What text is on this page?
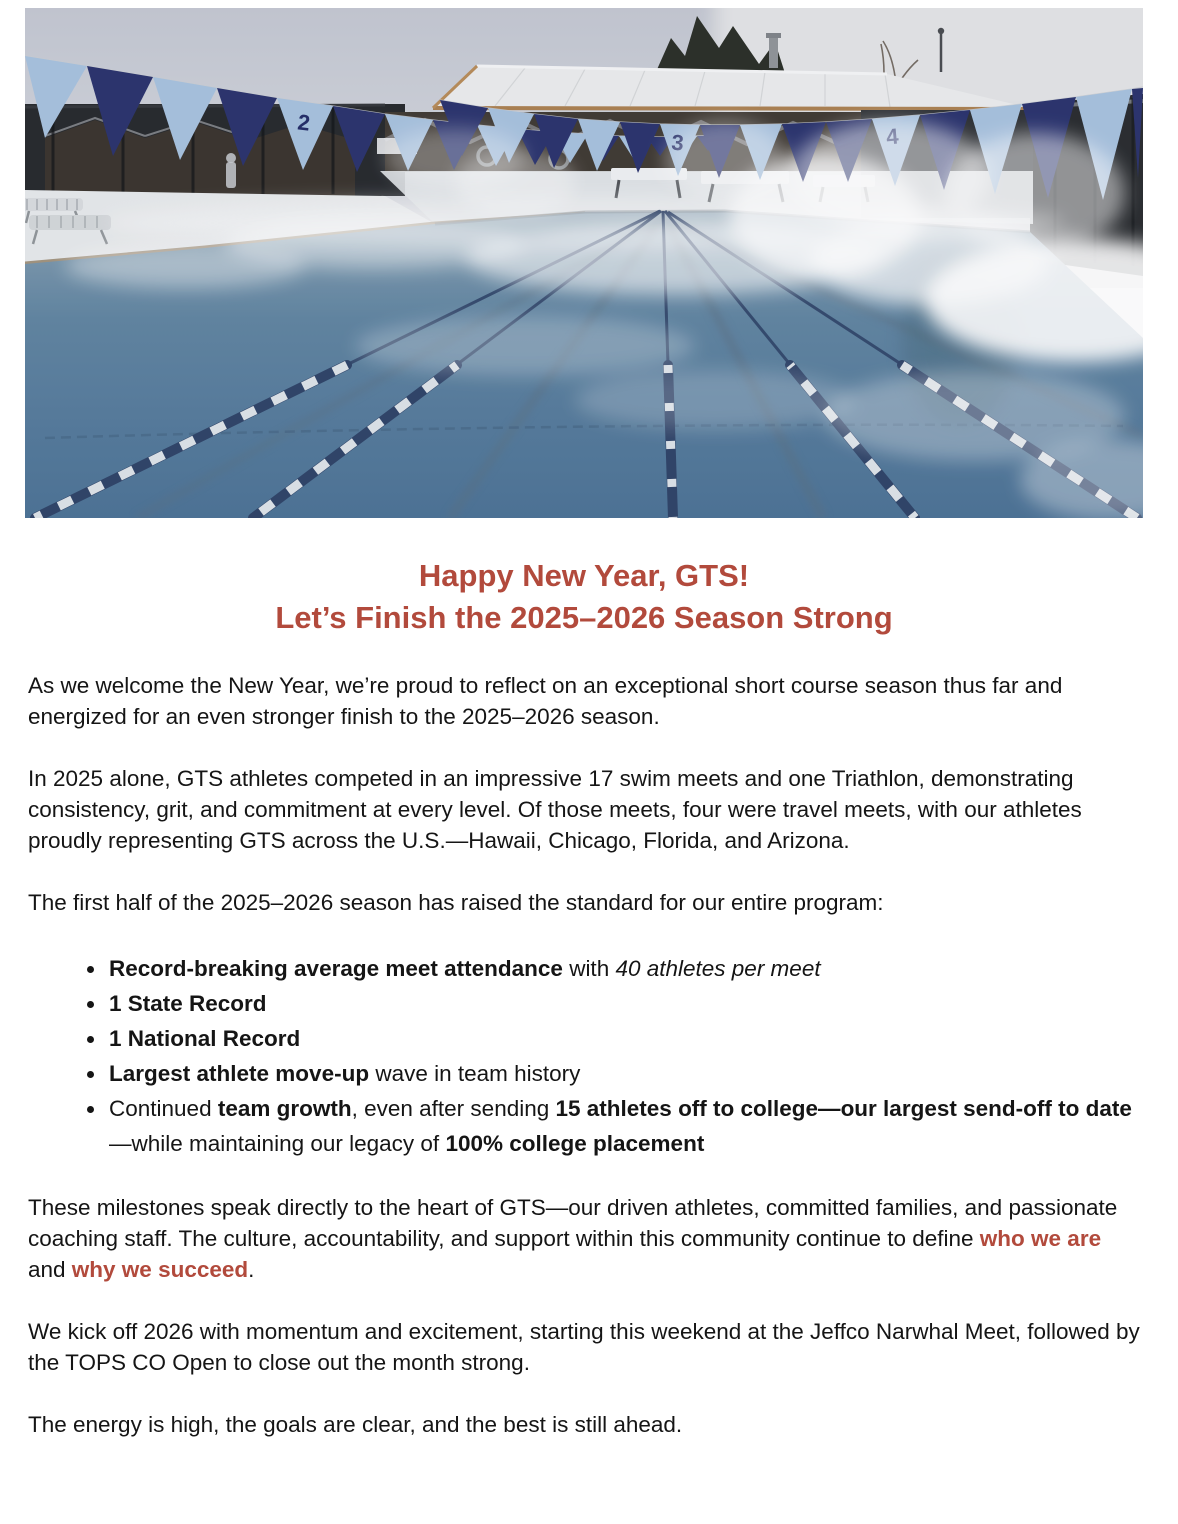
2
3
Happy New Year, GTS!
Let’s Finish the 2025–2026 Season Strong

As we welcome the New Year, we’re proud to reflect on an exceptional short course season thus far and energized for an even stronger finish to the 2025–2026 season.

In 2025 alone, GTS athletes competed in an impressive 17 swim meets and one Triathlon, demonstrating consistency, grit, and commitment at every level. Of those meets, four were travel meets, with our athletes proudly representing GTS across the U.S.—Hawaii, Chicago, Florida, and Arizona.

The first half of the 2025–2026 season has raised the standard for our entire program:

• Record-breaking average meet attendance with 40 athletes per meet
• 1 State Record
• 1 National Record
• Largest athlete move-up wave in team history
• Continued team growth, even after sending 15 athletes off to college—our largest send-off to date—while maintaining our legacy of 100% college placement

These milestones speak directly to the heart of GTS—our driven athletes, committed families, and passionate coaching staff. The culture, accountability, and support within this community continue to define who we are and why we succeed.

We kick off 2026 with momentum and excitement, starting this weekend at the Jeffco Narwhal Meet, followed by the TOPS CO Open to close out the month strong.

The energy is high, the goals are clear, and the best is still ahead.
